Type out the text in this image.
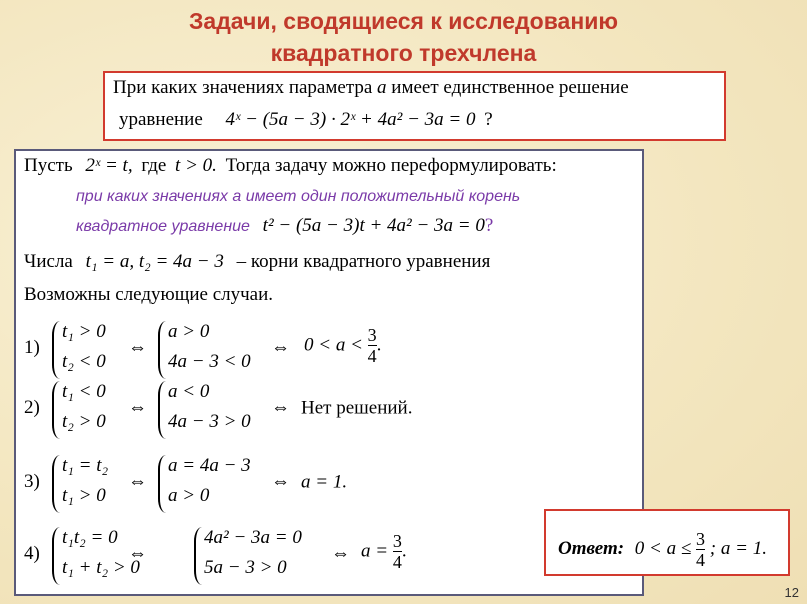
Задачи, сводящиеся к исследованию
квадратного трехчлена
При каких значениях параметра a имеет единственное решение
уравнение 4ˣ − (5a − 3) · 2ˣ + 4a² − 3a = 0 ?
Пусть 2ˣ = t, где t > 0. Тогда задачу можно переформулировать:
при каких значениях a имеет один положительный корень
квадратное уравнение t² − (5a − 3)t + 4a² − 3a = 0?
Числа t₁ = a, t₂ = 4a − 3 – корни квадратного уравнения
Возможны следующие случаи.
1)
t₁ > 0
t₂ < 0
⇔
a > 0
4a − 3 < 0
⇔ $0 < a < \frac{3}{4}$ .
2)
t₁ < 0
t₂ > 0
⇔
a < 0
4a − 3 > 0
⇔ Нет решений.
3)
t₁ = t₂
t₁ > 0
⇔
a = 4a − 3
a > 0
⇔ a = 1.
4)
t₁t₂ = 0
t₁ + t₂ > 0
⇔
4a² − 3a = 0
5a − 3 > 0
⇔ $a = \frac{3}{4}$ .	Ответ: $0 < a \le \frac{3}{4}$ ; a = 1.
12
